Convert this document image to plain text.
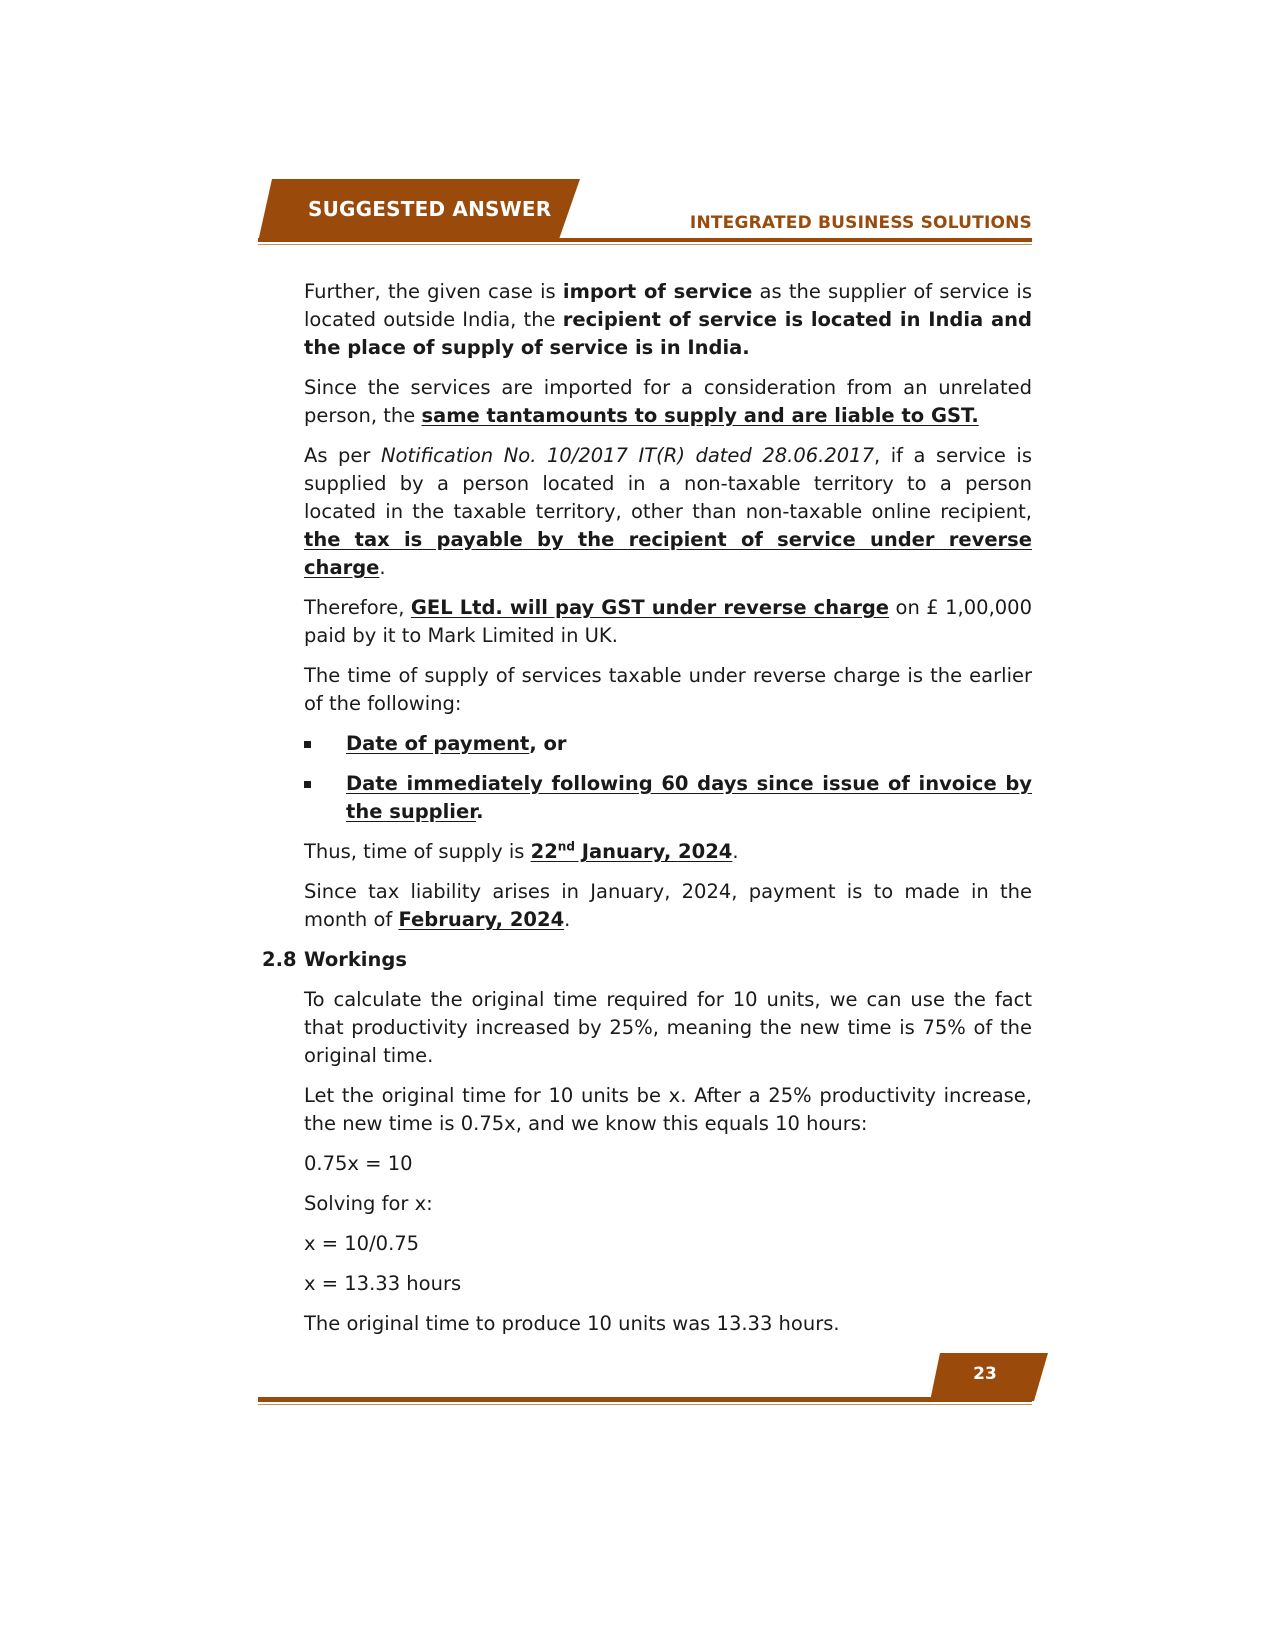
SUGGESTED ANSWER
INTEGRATED BUSINESS SOLUTIONS

Further, the given case is import of service as the supplier of service is located outside India, the recipient of service is located in India and the place of supply of service is in India.

Since the services are imported for a consideration from an unrelated person, the same tantamounts to supply and are liable to GST.

As per Notification No. 10/2017 IT(R) dated 28.06.2017, if a service is supplied by a person located in a non-taxable territory to a person located in the taxable territory, other than non-taxable online recipient, the tax is payable by the recipient of service under reverse charge.

Therefore, GEL Ltd. will pay GST under reverse charge on £ 1,00,000 paid by it to Mark Limited in UK.

The time of supply of services taxable under reverse charge is the earlier of the following:

Date of payment, or
Date immediately following 60 days since issue of invoice by the supplier.

Thus, time of supply is 22nd January, 2024.

Since tax liability arises in January, 2024, payment is to made in the month of February, 2024.

2.8 Workings

To calculate the original time required for 10 units, we can use the fact that productivity increased by 25%, meaning the new time is 75% of the original time.

Let the original time for 10 units be x. After a 25% productivity increase, the new time is 0.75x, and we know this equals 10 hours:

0.75x = 10

Solving for x:

x = 10/0.75

x = 13.33 hours

The original time to produce 10 units was 13.33 hours.

23
